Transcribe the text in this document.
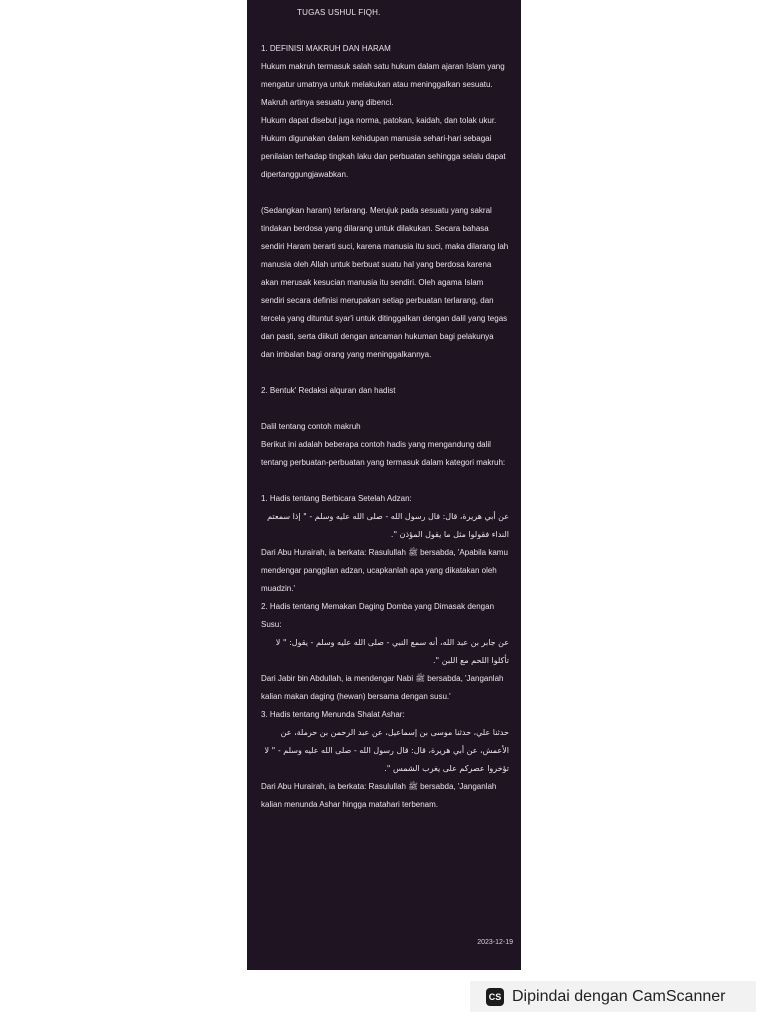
TUGAS USHUL FIQH.

1. DEFINISI MAKRUH DAN HARAM

Hukum makruh termasuk salah satu hukum dalam ajaran Islam yang mengatur umatnya untuk melakukan atau meninggalkan sesuatu. Makruh artinya sesuatu yang dibenci.

Hukum dapat disebut juga norma, patokan, kaidah, dan tolak ukur. Hukum digunakan dalam kehidupan manusia sehari-hari sebagai penilaian terhadap tingkah laku dan perbuatan sehingga selalu dapat dipertanggungjawabkan.

(Sedangkan haram) terlarang. Merujuk pada sesuatu yang sakral tindakan berdosa yang dilarang untuk dilakukan. Secara bahasa sendiri Haram berarti suci, karena manusia itu suci, maka dilarang lah manusia oleh Allah untuk berbuat suatu hal yang berdosa karena akan merusak kesucian manusia itu sendiri. Oleh agama Islam sendiri secara definisi merupakan setiap perbuatan terlarang, dan tercela yang dituntut syar'i untuk ditinggalkan dengan dalil yang tegas dan pasti, serta diikuti dengan ancaman hukuman bagi pelakunya dan imbalan bagi orang yang meninggalkannya.

2. Bentuk' Redaksi alquran dan hadist

Dalil tentang contoh makruh

Berikut ini adalah beberapa contoh hadis yang mengandung dalil tentang perbuatan-perbuatan yang termasuk dalam kategori makruh:

1. Hadis tentang Berbicara Setelah Adzan:

عن أبي هريرة، قال: قال رسول الله - صلى الله عليه وسلم - " إذا سمعتم النداء فقولوا مثل ما يقول المؤذن ".

Dari Abu Hurairah, ia berkata: Rasulullah ﷺ bersabda, 'Apabila kamu mendengar panggilan adzan, ucapkanlah apa yang dikatakan oleh muadzin.'

2. Hadis tentang Memakan Daging Domba yang Dimasak dengan Susu:

عن جابر بن عبد الله، أنه سمع النبي - صلى الله عليه وسلم - يقول: " لا تأكلوا اللحم مع اللبن ".

Dari Jabir bin Abdullah, ia mendengar Nabi ﷺ bersabda, 'Janganlah kalian makan daging (hewan) bersama dengan susu.'

3. Hadis tentang Menunda Shalat Ashar:

حدثنا علي، حدثنا موسى بن إسماعيل، عن عبد الرحمن بن حرملة، عن الأعمش، عن أبي هريرة، قال: قال رسول الله - صلى الله عليه وسلم - " لا تؤخروا عصركم على يغرب الشمس ".

Dari Abu Hurairah, ia berkata: Rasulullah ﷺ bersabda, 'Janganlah kalian menunda Ashar hingga matahari terbenam.

2023-12-19
CS Dipindai dengan CamScanner
